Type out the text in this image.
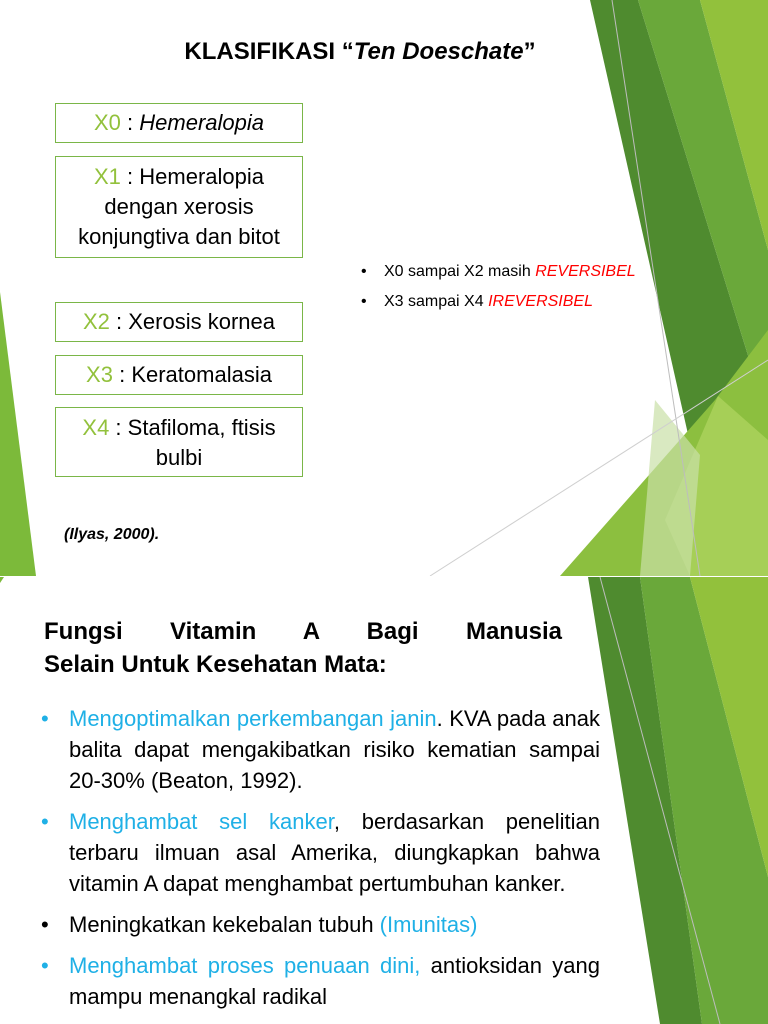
KLASIFIKASI “Ten Doeschate”
X0 : Hemeralopia
X1 : Hemeralopia dengan xerosis konjungtiva dan bitot
X2 : Xerosis kornea
X3 : Keratomalasia
X4 : Stafiloma, ftisis bulbi
• X0 sampai X2 masih REVERSIBEL
• X3 sampai X4 IREVERSIBEL
(Ilyas, 2000).
Fungsi Vitamin A Bagi Manusia
Selain Untuk Kesehatan Mata:
• Mengoptimalkan perkembangan janin. KVA pada anak balita dapat mengakibatkan risiko kematian sampai 20-30% (Beaton, 1992).
• Menghambat sel kanker, berdasarkan penelitian terbaru ilmuan asal Amerika, diungkapkan bahwa vitamin A dapat menghambat pertumbuhan kanker.
• Meningkatkan kekebalan tubuh (Imunitas)
• Menghambat proses penuaan dini, antioksidan yang mampu menangkal radikal
